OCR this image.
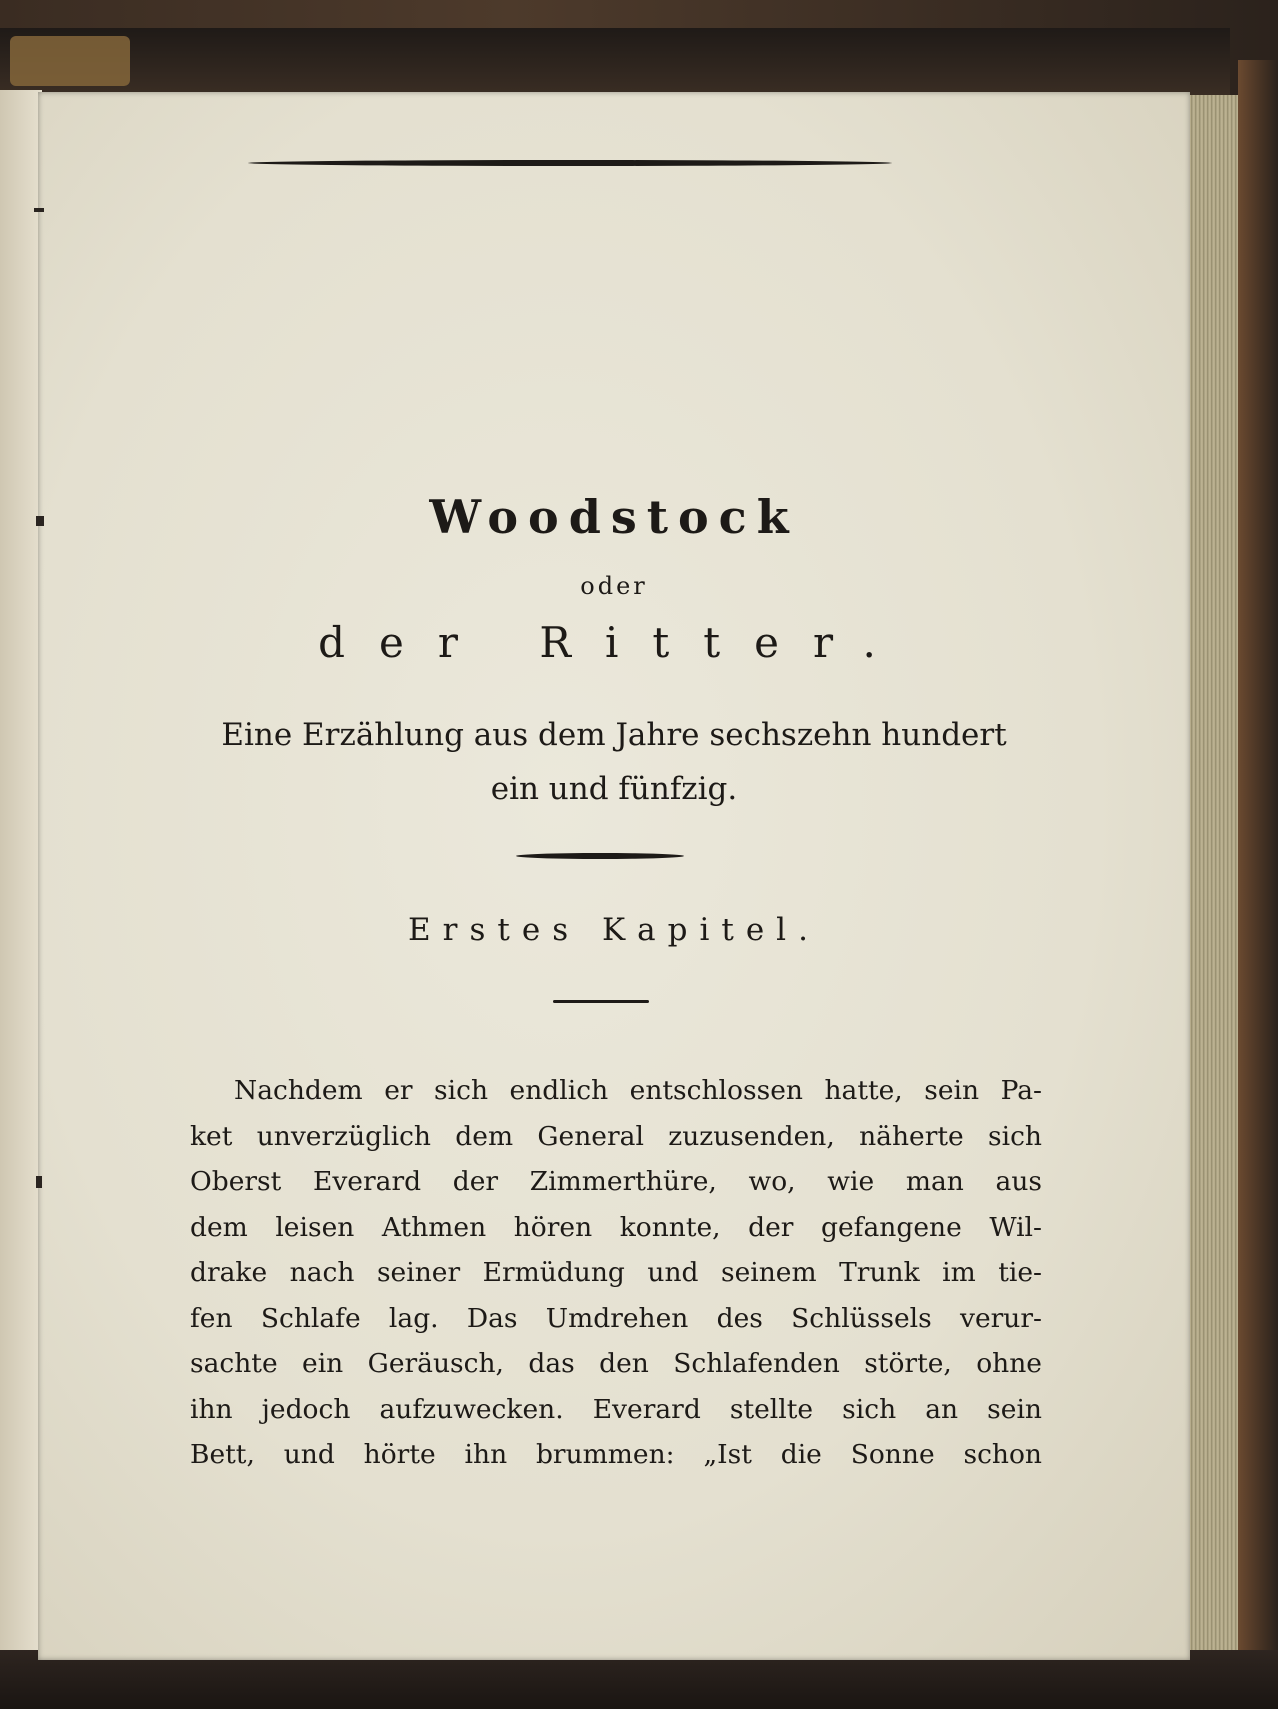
Woodstock
oder
der Ritter.
Eine Erzählung aus dem Jahre sechszehn hundert
ein und fünfzig.
Erstes Kapitel.
Nachdem er sich endlich entschlossen hatte, sein Pa-
ket unverzüglich dem General zuzusenden, näherte sich
Oberst Everard der Zimmerthüre, wo, wie man aus
dem leisen Athmen hören konnte, der gefangene Wil-
drake nach seiner Ermüdung und seinem Trunk im tie-
fen Schlafe lag. Das Umdrehen des Schlüssels verur-
sachte ein Geräusch, das den Schlafenden störte, ohne
ihn jedoch aufzuwecken. Everard stellte sich an sein
Bett, und hörte ihn brummen: „Ist die Sonne schon
